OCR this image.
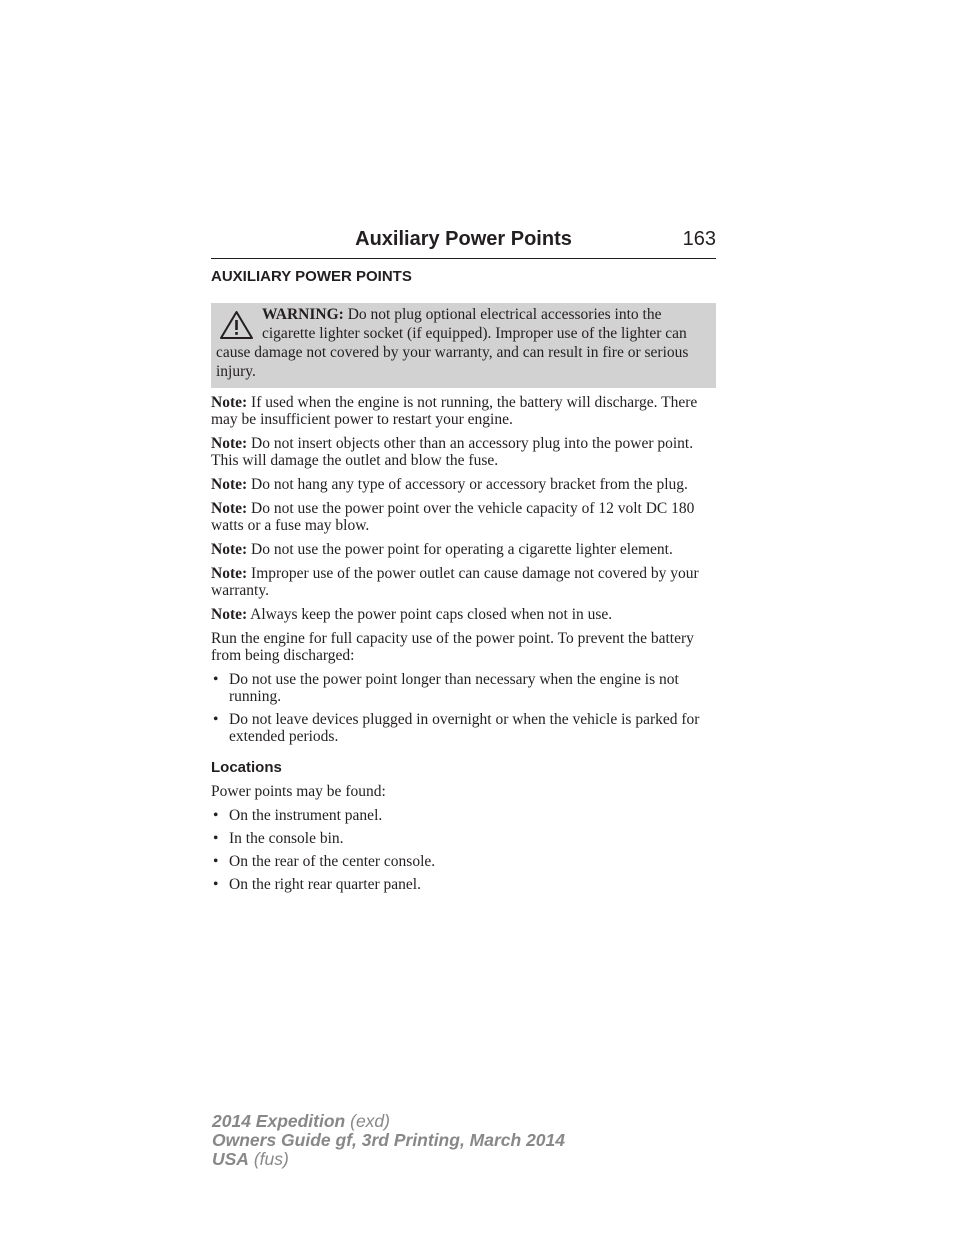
Auxiliary Power Points	163
AUXILIARY POWER POINTS
WARNING: Do not plug optional electrical accessories into the cigarette lighter socket (if equipped). Improper use of the lighter can cause damage not covered by your warranty, and can result in fire or serious injury.
Note: If used when the engine is not running, the battery will discharge. There may be insufficient power to restart your engine.
Note: Do not insert objects other than an accessory plug into the power point. This will damage the outlet and blow the fuse.
Note: Do not hang any type of accessory or accessory bracket from the plug.
Note: Do not use the power point over the vehicle capacity of 12 volt DC 180 watts or a fuse may blow.
Note: Do not use the power point for operating a cigarette lighter element.
Note: Improper use of the power outlet can cause damage not covered by your warranty.
Note: Always keep the power point caps closed when not in use.
Run the engine for full capacity use of the power point. To prevent the battery from being discharged:
• Do not use the power point longer than necessary when the engine is not running.
• Do not leave devices plugged in overnight or when the vehicle is parked for extended periods.
Locations
Power points may be found:
• On the instrument panel.
• In the console bin.
• On the rear of the center console.
• On the right rear quarter panel.
2014 Expedition (exd)
Owners Guide gf, 3rd Printing, March 2014
USA (fus)
